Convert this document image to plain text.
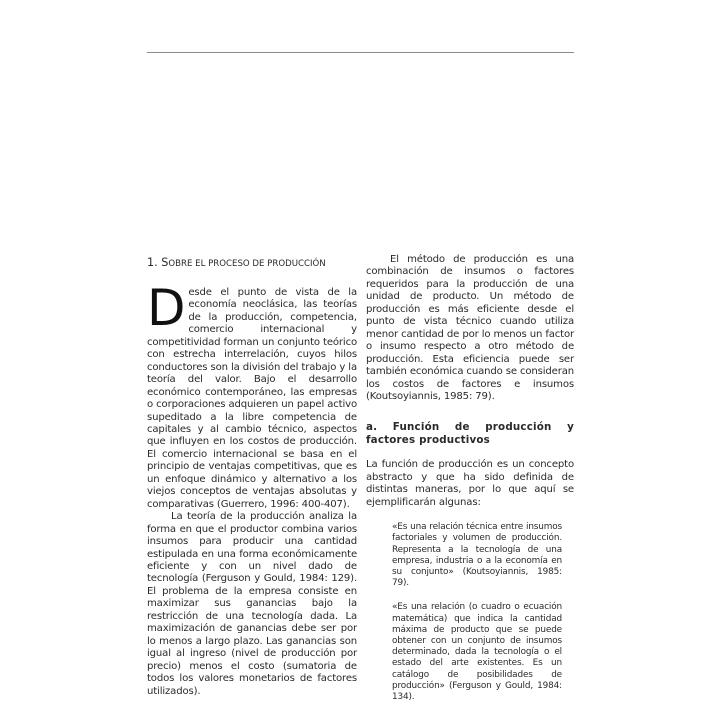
1. SOBRE EL PROCESO DE PRODUCCIÓN

Desde el punto de vista de la economía neoclásica, las teorías de la producción, competencia, comercio internacional y competitividad forman un conjunto teórico con estrecha interrelación, cuyos hilos conductores son la división del trabajo y la teoría del valor. Bajo el desarrollo económico contemporáneo, las empresas o corporaciones adquieren un papel activo supeditado a la libre competencia de capitales y al cambio técnico, aspectos que influyen en los costos de producción. El comercio internacional se basa en el principio de ventajas competitivas, que es un enfoque dinámico y alternativo a los viejos conceptos de ventajas absolutas y comparativas (Guerrero, 1996: 400-407).

La teoría de la producción analiza la forma en que el productor combina varios insumos para producir una cantidad estipulada en una forma económicamente eficiente y con un nivel dado de tecnología (Ferguson y Gould, 1984: 129). El problema de la empresa consiste en maximizar sus ganancias bajo la restricción de una tecnología dada. La maximización de ganancias debe ser por lo menos a largo plazo. Las ganancias son igual al ingreso (nivel de producción por precio) menos el costo (sumatoria de todos los valores monetarios de factores utilizados).

El método de producción es una combinación de insumos o factores requeridos para la producción de una unidad de producto. Un método de producción es más eficiente desde el punto de vista técnico cuando utiliza menor cantidad de por lo menos un factor o insumo respecto a otro método de producción. Esta eficiencia puede ser también económica cuando se consideran los costos de factores e insumos (Koutsoyiannis, 1985: 79).

a. Función de producción y factores productivos

La función de producción es un concepto abstracto y que ha sido definida de distintas maneras, por lo que aquí se ejemplificarán algunas:

«Es una relación técnica entre insumos factoriales y volumen de producción. Representa a la tecnología de una empresa, industria o a la economía en su conjunto» (Koutsoyiannis, 1985: 79).

«Es una relación (o cuadro o ecuación matemática) que indica la cantidad máxima de producto que se puede obtener con un conjunto de insumos determinado, dada la tecnología o el estado del arte existentes. Es un catálogo de posibilidades de producción» (Ferguson y Gould, 1984: 134).
